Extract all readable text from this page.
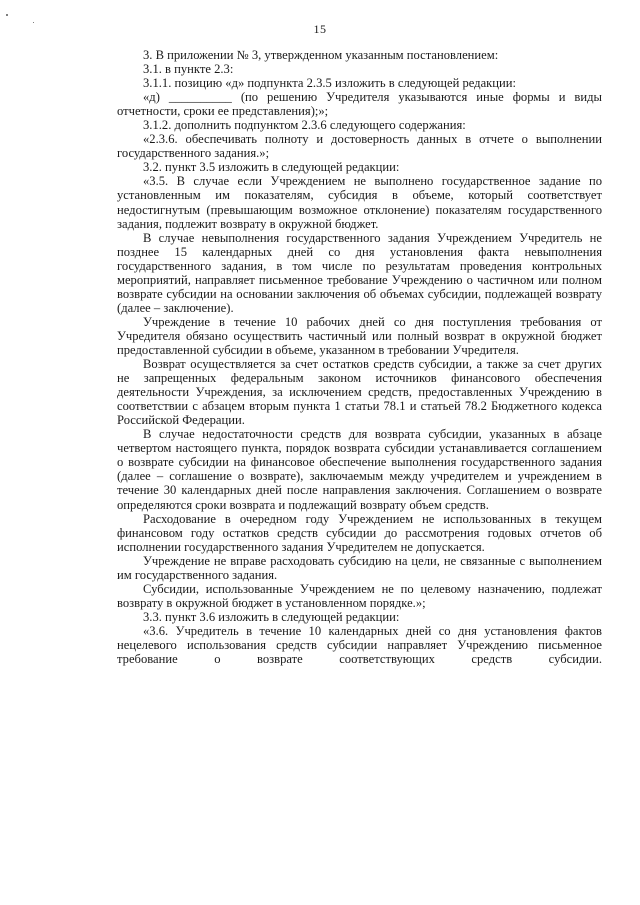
15

3. В приложении № 3, утвержденном указанным постановлением:

3.1. в пункте 2.3:

3.1.1. позицию «д» подпункта 2.3.5 изложить в следующей редакции:

«д) __________ (по решению Учредителя указываются иные формы и виды отчетности, сроки ее представления);»;

3.1.2. дополнить подпунктом 2.3.6 следующего содержания:

«2.3.6. обеспечивать полноту и достоверность данных в отчете о выполнении государственного задания.»;

3.2. пункт 3.5 изложить в следующей редакции:

«3.5. В случае если Учреждением не выполнено государственное задание по установленным им показателям, субсидия в объеме, который соответствует недостигнутым (превышающим возможное отклонение) показателям государственного задания, подлежит возврату в окружной бюджет.

В случае невыполнения государственного задания Учреждением Учредитель не позднее 15 календарных дней со дня установления факта невыполнения государственного задания, в том числе по результатам проведения контрольных мероприятий, направляет письменное требование Учреждению о частичном или полном возврате субсидии на основании заключения об объемах субсидии, подлежащей возврату (далее – заключение).

Учреждение в течение 10 рабочих дней со дня поступления требования от Учредителя обязано осуществить частичный или полный возврат в окружной бюджет предоставленной субсидии в объеме, указанном в требовании Учредителя.

Возврат осуществляется за счет остатков средств субсидии, а также за счет других не запрещенных федеральным законом источников финансового обеспечения деятельности Учреждения, за исключением средств, предоставленных Учреждению в соответствии с абзацем вторым пункта 1 статьи 78.1 и статьей 78.2 Бюджетного кодекса Российской Федерации.

В случае недостаточности средств для возврата субсидии, указанных в абзаце четвертом настоящего пункта, порядок возврата субсидии устанавливается соглашением о возврате субсидии на финансовое обеспечение выполнения государственного задания (далее – соглашение о возврате), заключаемым между учредителем и учреждением в течение 30 календарных дней после направления заключения. Соглашением о возврате определяются сроки возврата и подлежащий возврату объем средств.

Расходование в очередном году Учреждением не использованных в текущем финансовом году остатков средств субсидии до рассмотрения годовых отчетов об исполнении государственного задания Учредителем не допускается.

Учреждение не вправе расходовать субсидию на цели, не связанные с выполнением им государственного задания.

Субсидии, использованные Учреждением не по целевому назначению, подлежат возврату в окружной бюджет в установленном порядке.»;

3.3. пункт 3.6 изложить в следующей редакции:

«3.6. Учредитель в течение 10 календарных дней со дня установления фактов нецелевого использования средств субсидии направляет Учреждению письменное требование о возврате соответствующих средств субсидии.
